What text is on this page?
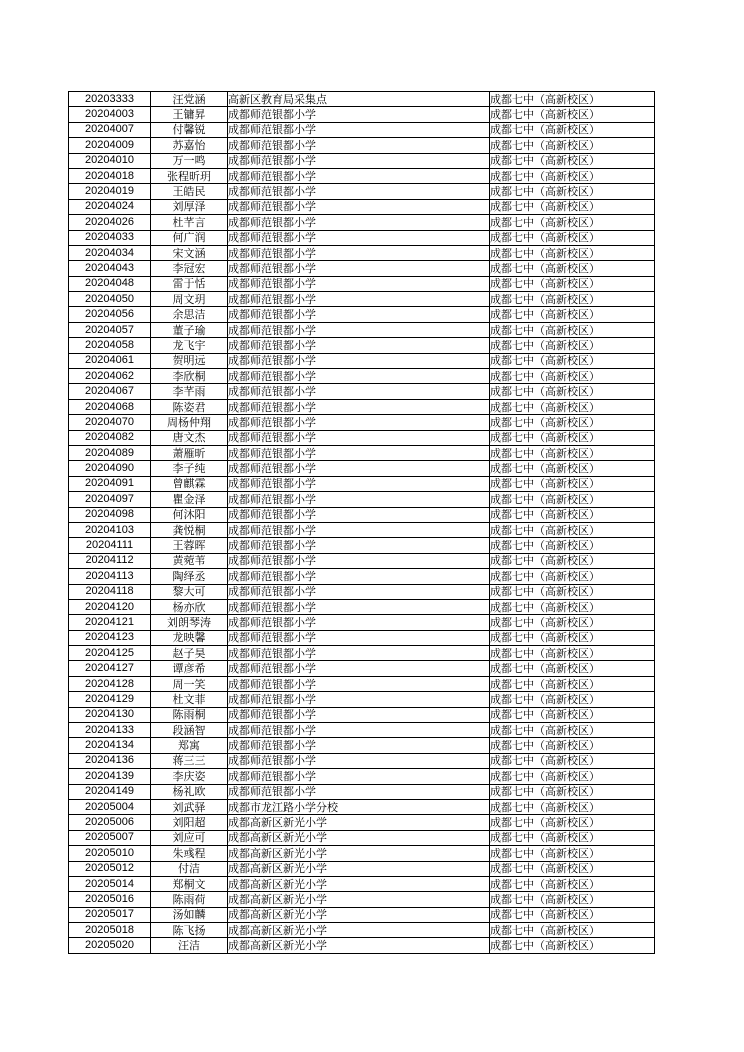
20203333	汪党涵	高新区教育局采集点	成都七中（高新校区）
20204003	王镛昇	成都师范银都小学	成都七中（高新校区）
20204007	付馨锐	成都师范银都小学	成都七中（高新校区）
20204009	苏嘉怡	成都师范银都小学	成都七中（高新校区）
20204010	万一鸣	成都师范银都小学	成都七中（高新校区）
20204018	张程昕玥	成都师范银都小学	成都七中（高新校区）
20204019	王皓民	成都师范银都小学	成都七中（高新校区）
20204024	刘厚泽	成都师范银都小学	成都七中（高新校区）
20204026	杜芊言	成都师范银都小学	成都七中（高新校区）
20204033	何广润	成都师范银都小学	成都七中（高新校区）
20204034	宋文涵	成都师范银都小学	成都七中（高新校区）
20204043	李冠宏	成都师范银都小学	成都七中（高新校区）
20204048	雷于恬	成都师范银都小学	成都七中（高新校区）
20204050	周文玥	成都师范银都小学	成都七中（高新校区）
20204056	余思洁	成都师范银都小学	成都七中（高新校区）
20204057	董子瑜	成都师范银都小学	成都七中（高新校区）
20204058	龙飞宇	成都师范银都小学	成都七中（高新校区）
20204061	贺明远	成都师范银都小学	成都七中（高新校区）
20204062	李欣桐	成都师范银都小学	成都七中（高新校区）
20204067	李芊雨	成都师范银都小学	成都七中（高新校区）
20204068	陈姿君	成都师范银都小学	成都七中（高新校区）
20204070	周杨仲翔	成都师范银都小学	成都七中（高新校区）
20204082	唐文杰	成都师范银都小学	成都七中（高新校区）
20204089	萧雁昕	成都师范银都小学	成都七中（高新校区）
20204090	李子纯	成都师范银都小学	成都七中（高新校区）
20204091	曾麒霖	成都师范银都小学	成都七中（高新校区）
20204097	瞿金泽	成都师范银都小学	成都七中（高新校区）
20204098	何沐阳	成都师范银都小学	成都七中（高新校区）
20204103	龚悦桐	成都师范银都小学	成都七中（高新校区）
20204111	王蓉晖	成都师范银都小学	成都七中（高新校区）
20204112	黄菀苇	成都师范银都小学	成都七中（高新校区）
20204113	陶绎丞	成都师范银都小学	成都七中（高新校区）
20204118	黎大可	成都师范银都小学	成都七中（高新校区）
20204120	杨亦欣	成都师范银都小学	成都七中（高新校区）
20204121	刘朗琴涛	成都师范银都小学	成都七中（高新校区）
20204123	龙映馨	成都师范银都小学	成都七中（高新校区）
20204125	赵子昊	成都师范银都小学	成都七中（高新校区）
20204127	谭彦希	成都师范银都小学	成都七中（高新校区）
20204128	周一笑	成都师范银都小学	成都七中（高新校区）
20204129	杜文菲	成都师范银都小学	成都七中（高新校区）
20204130	陈雨桐	成都师范银都小学	成都七中（高新校区）
20204133	段涵智	成都师范银都小学	成都七中（高新校区）
20204134	郑寓	成都师范银都小学	成都七中（高新校区）
20204136	蒋三三	成都师范银都小学	成都七中（高新校区）
20204139	李庆姿	成都师范银都小学	成都七中（高新校区）
20204149	杨礼欧	成都师范银都小学	成都七中（高新校区）
20205004	刘武驿	成都市龙江路小学分校	成都七中（高新校区）
20205006	刘阳超	成都高新区新光小学	成都七中（高新校区）
20205007	刘应可	成都高新区新光小学	成都七中（高新校区）
20205010	朱彧程	成都高新区新光小学	成都七中（高新校区）
20205012	付洁	成都高新区新光小学	成都七中（高新校区）
20205014	郑桐文	成都高新区新光小学	成都七中（高新校区）
20205016	陈雨荷	成都高新区新光小学	成都七中（高新校区）
20205017	汤如麟	成都高新区新光小学	成都七中（高新校区）
20205018	陈飞扬	成都高新区新光小学	成都七中（高新校区）
20205020	汪洁	成都高新区新光小学	成都七中（高新校区）
